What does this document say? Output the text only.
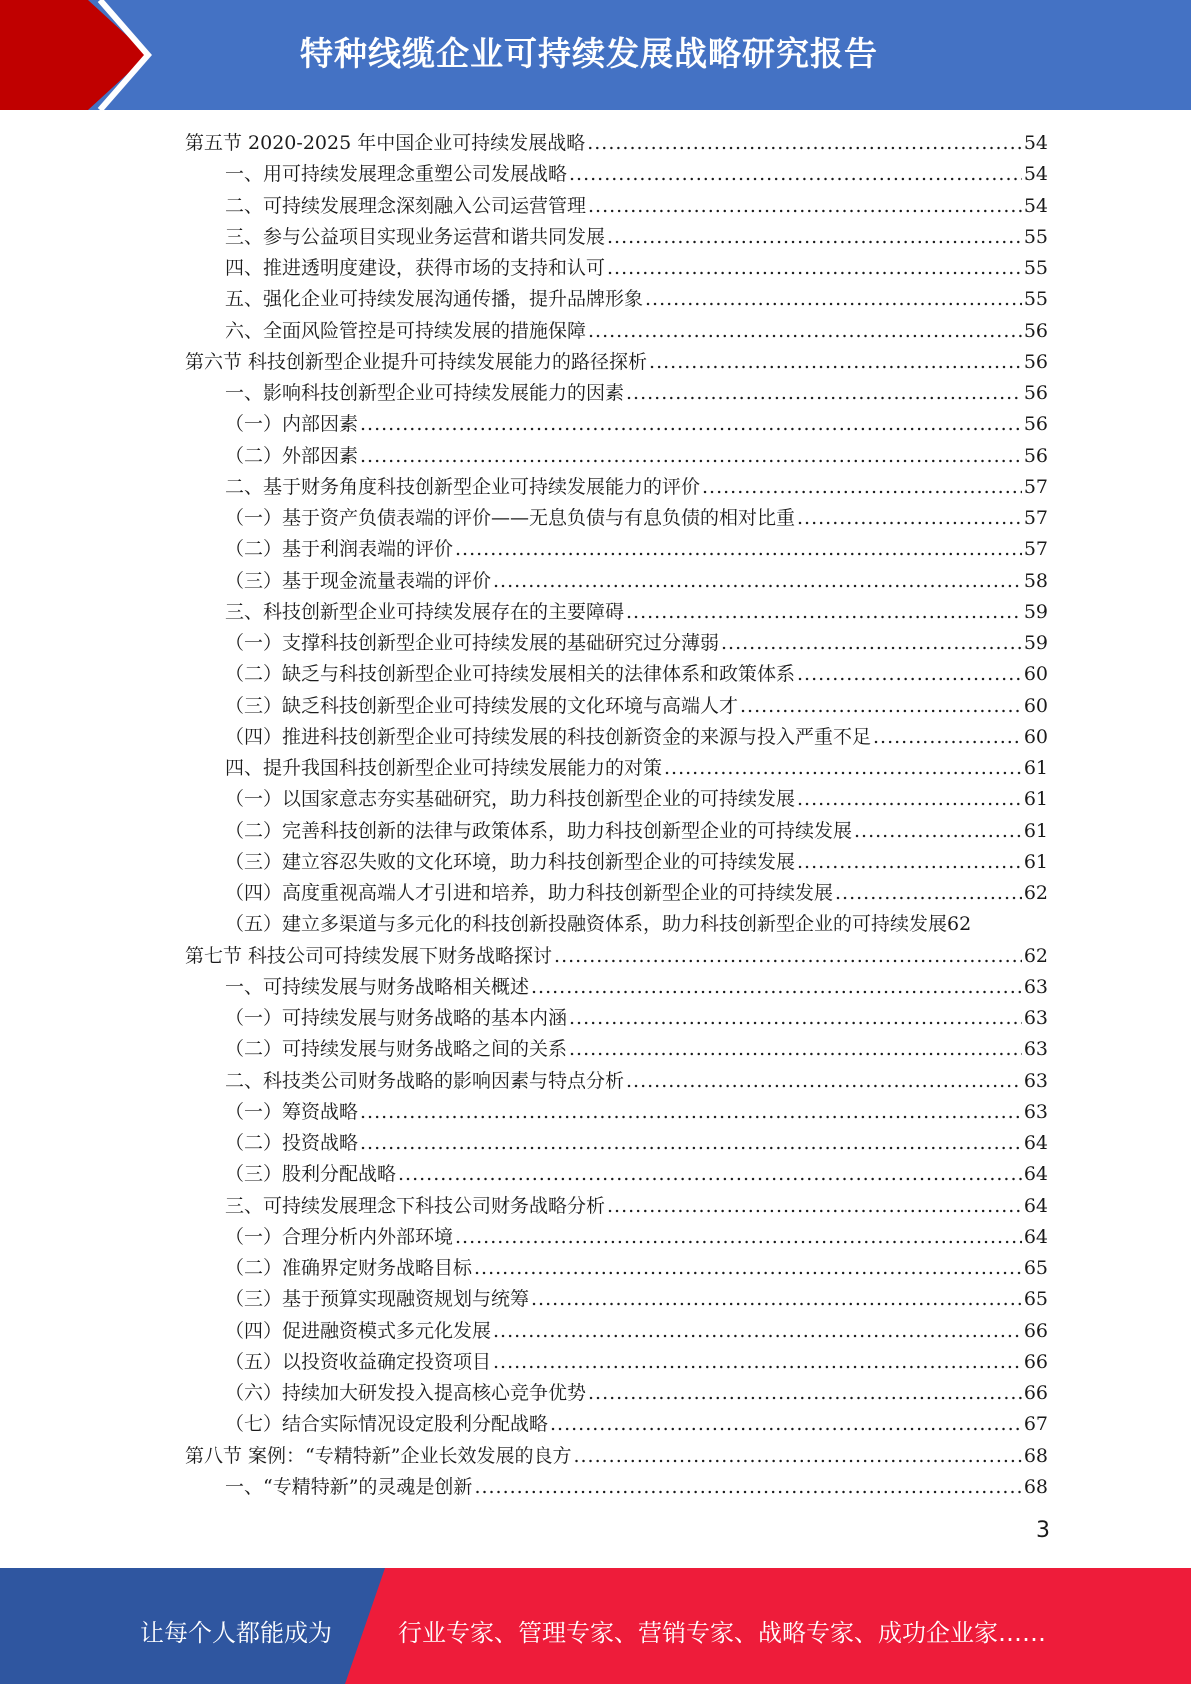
特种线缆企业可持续发展战略研究报告
第五节 2020-2025 年中国企业可持续发展战略 .....	54
一、用可持续发展理念重塑公司发展战略 .....	54
二、可持续发展理念深刻融入公司运营管理 .....	54
三、参与公益项目实现业务运营和谐共同发展 .....	55
四、推进透明度建设，获得市场的支持和认可 .....	55
五、强化企业可持续发展沟通传播，提升品牌形象 .....	55
六、全面风险管控是可持续发展的措施保障 .....	56
第六节 科技创新型企业提升可持续发展能力的路径探析 .....	56
一、影响科技创新型企业可持续发展能力的因素 .....	56
（一）内部因素 .....	56
（二）外部因素 .....	56
二、基于财务角度科技创新型企业可持续发展能力的评价 .....	57
（一）基于资产负债表端的评价——无息负债与有息负债的相对比重 .....	57
（二）基于利润表端的评价 .....	57
（三）基于现金流量表端的评价 .....	58
三、科技创新型企业可持续发展存在的主要障碍 .....	59
（一）支撑科技创新型企业可持续发展的基础研究过分薄弱 .....	59
（二）缺乏与科技创新型企业可持续发展相关的法律体系和政策体系 .....	60
（三）缺乏科技创新型企业可持续发展的文化环境与高端人才 .....	60
（四）推进科技创新型企业可持续发展的科技创新资金的来源与投入严重不足 .....	60
四、提升我国科技创新型企业可持续发展能力的对策 .....	61
（一）以国家意志夯实基础研究，助力科技创新型企业的可持续发展 .....	61
（二）完善科技创新的法律与政策体系，助力科技创新型企业的可持续发展 .....	61
（三）建立容忍失败的文化环境，助力科技创新型企业的可持续发展 .....	61
（四）高度重视高端人才引进和培养，助力科技创新型企业的可持续发展 .....	62
（五）建立多渠道与多元化的科技创新投融资体系，助力科技创新型企业的可持续发展 62
第七节 科技公司可持续发展下财务战略探讨 .....	62
一、可持续发展与财务战略相关概述 .....	63
（一）可持续发展与财务战略的基本内涵 .....	63
（二）可持续发展与财务战略之间的关系 .....	63
二、科技类公司财务战略的影响因素与特点分析 .....	63
（一）筹资战略 .....	63
（二）投资战略 .....	64
（三）股利分配战略 .....	64
三、可持续发展理念下科技公司财务战略分析 .....	64
（一）合理分析内外部环境 .....	64
（二）准确界定财务战略目标 .....	65
（三）基于预算实现融资规划与统筹 .....	65
（四）促进融资模式多元化发展 .....	66
（五）以投资收益确定投资项目 .....	66
（六）持续加大研发投入提高核心竞争优势 .....	66
（七）结合实际情况设定股利分配战略 .....	67
第八节 案例：“专精特新”企业长效发展的良方 .....	68
一、“专精特新”的灵魂是创新 .....	68
3
让每个人都能成为	行业专家、管理专家、营销专家、战略专家、成功企业家……
